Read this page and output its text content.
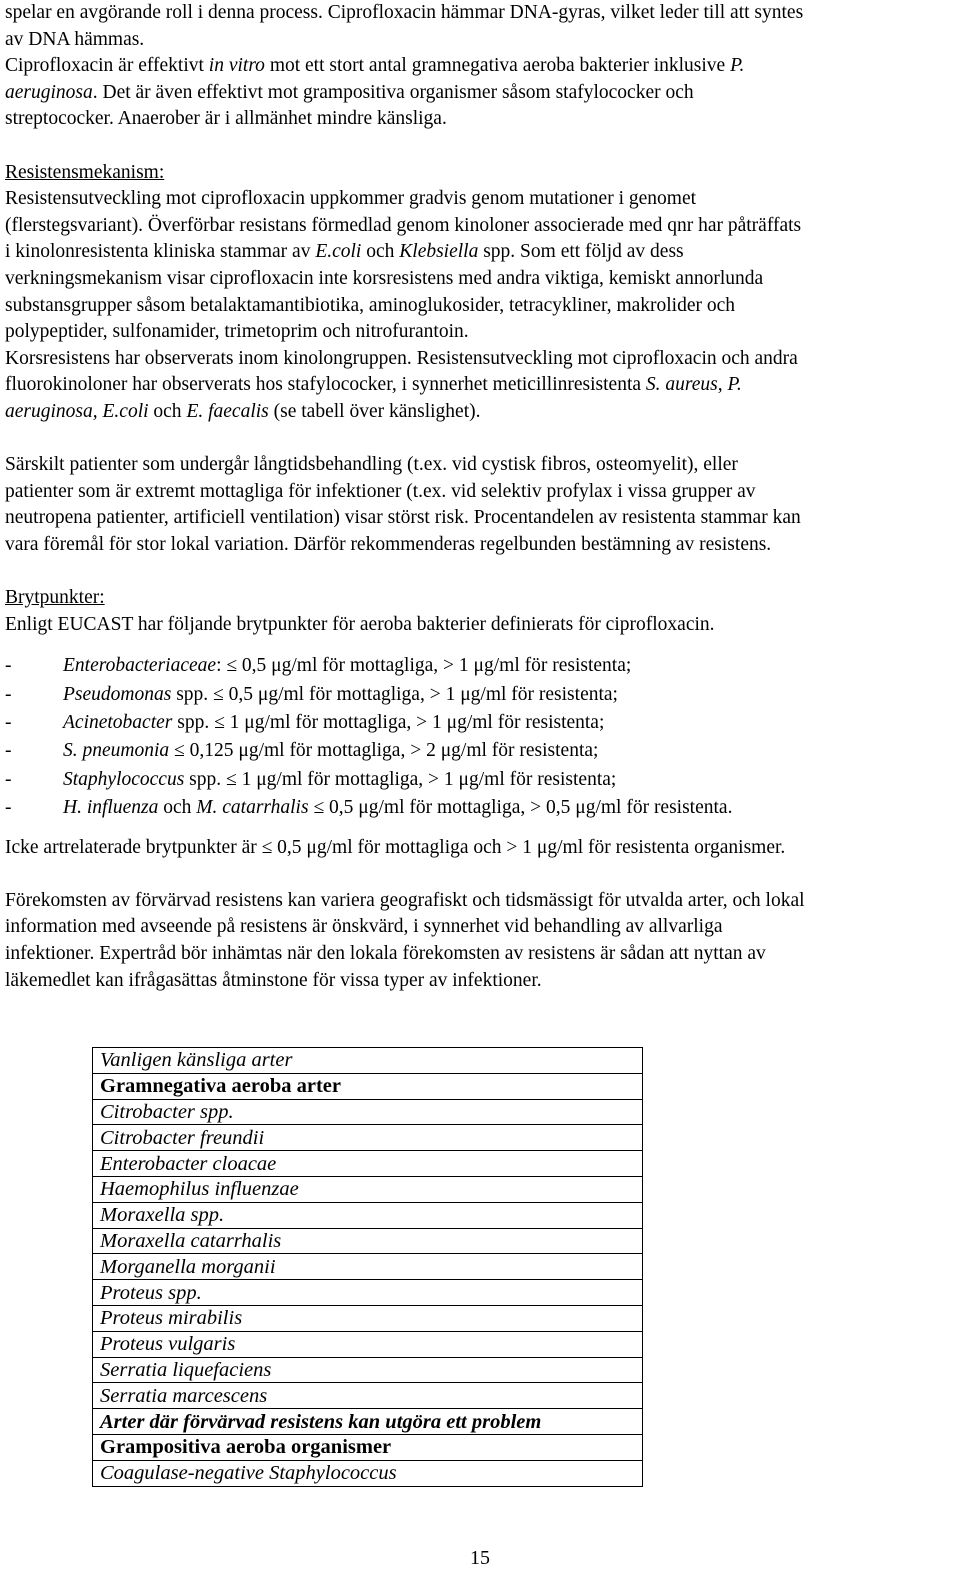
spelar en avgörande roll i denna process. Ciprofloxacin hämmar DNA-gyras, vilket leder till att syntes

av DNA hämmas.

Ciprofloxacin är effektivt in vitro mot ett stort antal gramnegativa aeroba bakterier inklusive P.

aeruginosa. Det är även effektivt mot grampositiva organismer såsom stafylococker och

streptococker. Anaerober är i allmänhet mindre känsliga.

Resistensmekanism:

Resistensutveckling mot ciprofloxacin uppkommer gradvis genom mutationer i genomet

(flerstegsvariant). Överförbar resistans förmedlad genom kinoloner associerade med qnr har påträffats

i kinolonresistenta kliniska stammar av E.coli och Klebsiella spp. Som ett följd av dess

verkningsmekanism visar ciprofloxacin inte korsresistens med andra viktiga, kemiskt annorlunda

substansgrupper såsom betalaktamantibiotika, aminoglukosider, tetracykliner, makrolider och

polypeptider, sulfonamider, trimetoprim och nitrofurantoin.

Korsresistens har observerats inom kinolongruppen. Resistensutveckling mot ciprofloxacin och andra

fluorokinoloner har observerats hos stafylococker, i synnerhet meticillinresistenta S. aureus, P.

aeruginosa, E.coli och E. faecalis (se tabell över känslighet).

Särskilt patienter som undergår långtidsbehandling (t.ex. vid cystisk fibros, osteomyelit), eller

patienter som är extremt mottagliga för infektioner (t.ex. vid selektiv profylax i vissa grupper av

neutropena patienter, artificiell ventilation) visar störst risk. Procentandelen av resistenta stammar kan

vara föremål för stor lokal variation. Därför rekommenderas regelbunden bestämning av resistens.

Brytpunkter:

Enligt EUCAST har följande brytpunkter för aeroba bakterier definierats för ciprofloxacin.

-	Enterobacteriaceae: ≤ 0,5 μg/ml för mottagliga, > 1 μg/ml för resistenta;
-	Pseudomonas spp. ≤ 0,5 μg/ml för mottagliga, > 1 μg/ml för resistenta;
-	Acinetobacter spp. ≤ 1 μg/ml för mottagliga, > 1 μg/ml för resistenta;
-	S. pneumonia ≤ 0,125 μg/ml för mottagliga, > 2 μg/ml för resistenta;
-	Staphylococcus spp. ≤ 1 μg/ml för mottagliga, > 1 μg/ml för resistenta;
-	H. influenza och M. catarrhalis ≤ 0,5 μg/ml för mottagliga, > 0,5 μg/ml för resistenta.

Icke artrelaterade brytpunkter är ≤ 0,5 μg/ml för mottagliga och > 1 μg/ml för resistenta organismer.

Förekomsten av förvärvad resistens kan variera geografiskt och tidsmässigt för utvalda arter, och lokal

information med avseende på resistens är önskvärd, i synnerhet vid behandling av allvarliga

infektioner. Expertråd bör inhämtas när den lokala förekomsten av resistens är sådan att nyttan av

läkemedlet kan ifrågasättas åtminstone för vissa typer av infektioner.

Vanligen känsliga arter
Gramnegativa aeroba arter
Citrobacter spp.
Citrobacter freundii
Enterobacter cloacae
Haemophilus influenzae
Moraxella spp.
Moraxella catarrhalis
Morganella morganii
Proteus spp.
Proteus mirabilis
Proteus vulgaris
Serratia liquefaciens
Serratia marcescens
Arter där förvärvad resistens kan utgöra ett problem
Grampositiva aeroba organismer
Coagulase-negative Staphylococcus
15
